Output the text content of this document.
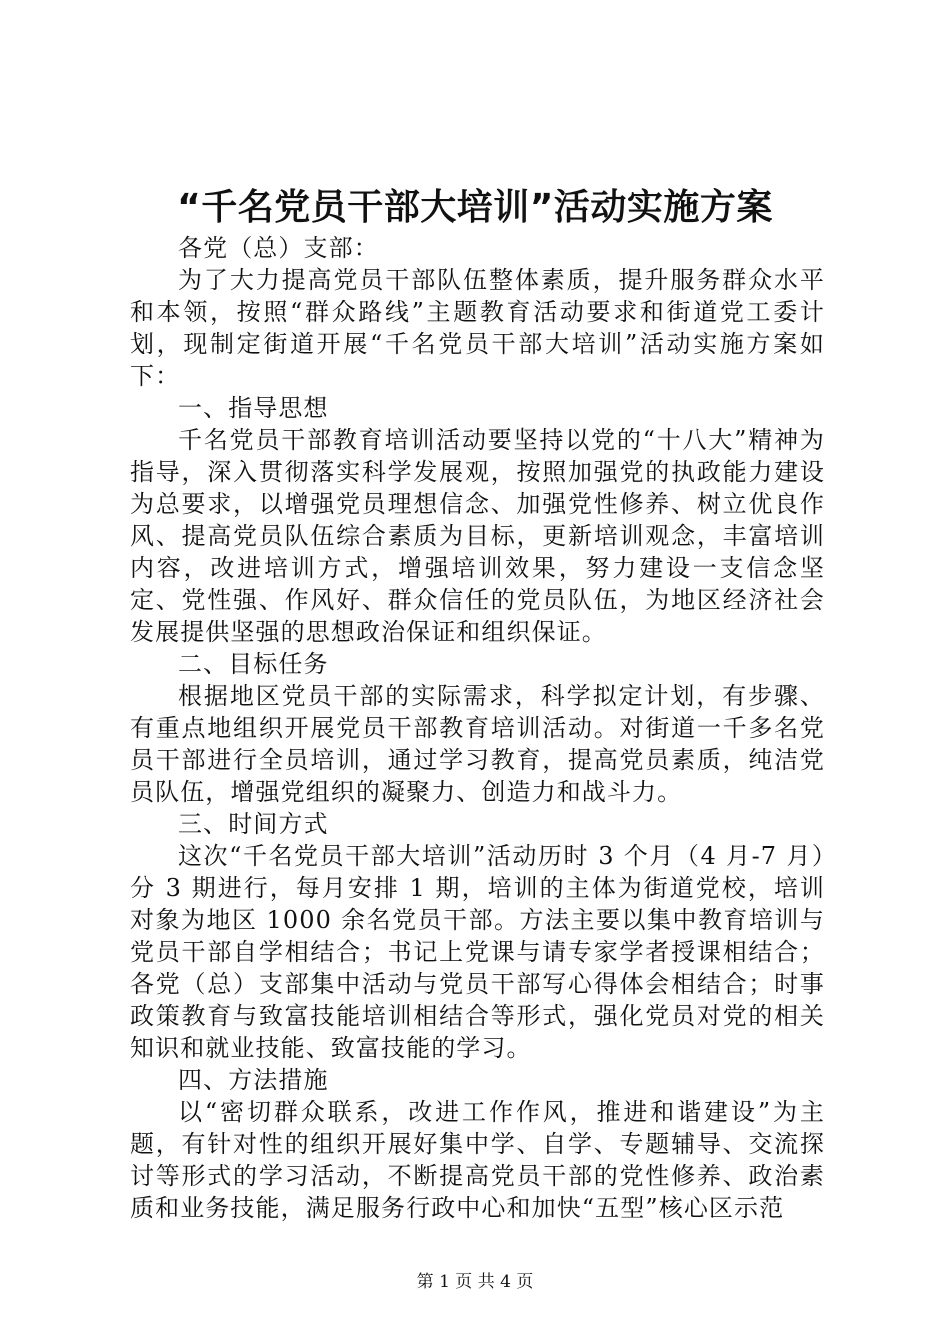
“千名党员干部大培训”活动实施方案

各党（总）支部：

为了大力提高党员干部队伍整体素质，提升服务群众水平和本领，按照“群众路线”主题教育活动要求和街道党工委计划，现制定街道开展“千名党员干部大培训”活动实施方案如下：

一、指导思想

千名党员干部教育培训活动要坚持以党的“十八大”精神为指导，深入贯彻落实科学发展观，按照加强党的执政能力建设为总要求，以增强党员理想信念、加强党性修养、树立优良作风、提高党员队伍综合素质为目标，更新培训观念，丰富培训内容，改进培训方式，增强培训效果，努力建设一支信念坚定、党性强、作风好、群众信任的党员队伍，为地区经济社会发展提供坚强的思想政治保证和组织保证。

二、目标任务

根据地区党员干部的实际需求，科学拟定计划，有步骤、有重点地组织开展党员干部教育培训活动。对街道一千多名党员干部进行全员培训，通过学习教育，提高党员素质，纯洁党员队伍，增强党组织的凝聚力、创造力和战斗力。

三、时间方式

这次“千名党员干部大培训”活动历时 3 个月（4 月-7 月）分 3 期进行，每月安排 1 期，培训的主体为街道党校，培训对象为地区 1000 余名党员干部。方法主要以集中教育培训与党员干部自学相结合；书记上党课与请专家学者授课相结合；各党（总）支部集中活动与党员干部写心得体会相结合；时事政策教育与致富技能培训相结合等形式，强化党员对党的相关知识和就业技能、致富技能的学习。

四、方法措施

以“密切群众联系，改进工作作风，推进和谐建设”为主题，有针对性的组织开展好集中学、自学、专题辅导、交流探讨等形式的学习活动，不断提高党员干部的党性修养、政治素质和业务技能，满足服务行政中心和加快“五型”核心区示范

第 1 页 共 4 页
